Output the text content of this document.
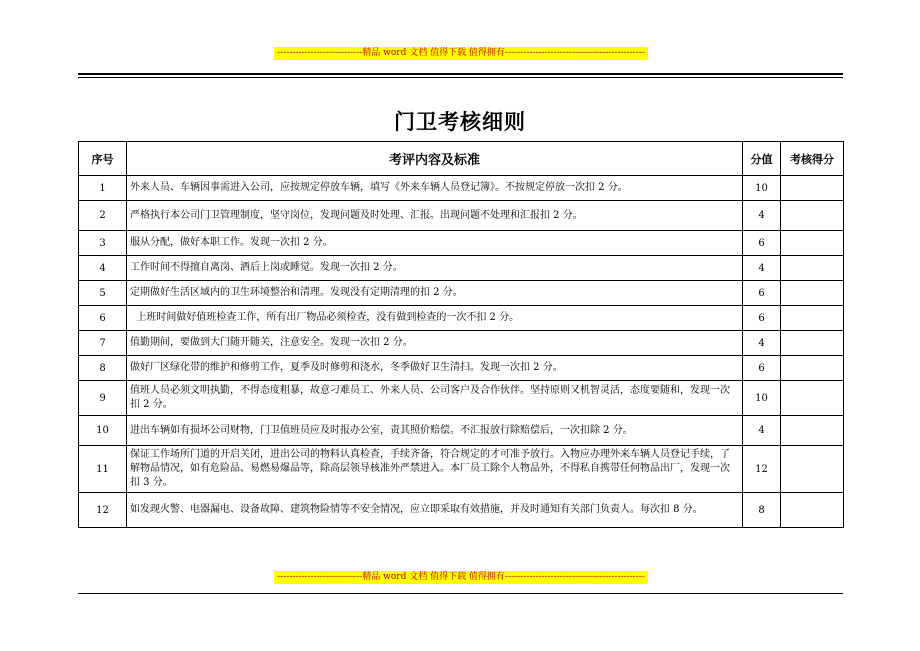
----------------------------精品 word 文档 值得下载 值得拥有----------------------------------------------
门卫考核细则
序号	考评内容及标准	分值	考核得分
1	外来人员、车辆因事需进入公司，应按规定停放车辆，填写《外来车辆人员登记簿》。不按规定停放一次扣 2 分。	10	
2	严格执行本公司门卫管理制度，坚守岗位，发现问题及时处理、汇报。出现问题不处理和汇报扣 2 分。	4	
3	服从分配，做好本职工作。发现一次扣 2 分。	6	
4	工作时间不得擅自离岗、酒后上岗或睡觉。发现一次扣 2 分。	4	
5	定期做好生活区域内的卫生环境整治和清理。发现没有定期清理的扣 2 分。	6	
6	上班时间做好值班检查工作，所有出厂物品必须检查，没有做到检查的一次不扣 2 分。	6	
7	值勤期间，要做到大门随开随关，注意安全。发现一次扣 2 分。	4	
8	做好厂区绿化带的维护和修剪工作，夏季及时修剪和浇水，冬季做好卫生清扫。发现一次扣 2 分。	6	
9	值班人员必须文明执勤，不得态度粗暴，故意刁难员工、外来人员、公司客户及合作伙伴。坚持原则又机智灵活，态度要随和，发现一次扣 2 分。	10	
10	进出车辆如有损坏公司财物，门卫值班员应及时报办公室，责其照价赔偿。不汇报放行除赔偿后，一次扣除 2 分。	4	
11	保证工作场所门道的开启关闭，进出公司的物料认真检查，手续齐备，符合规定的才可准予放行。入物应办理外来车辆人员登记手续，了解物品情况，如有危险品、易燃易爆品等，除高层领导核准外严禁进入。本厂员工除个人物品外，不得私自携带任何物品出厂，发现一次扣 3 分。	12	
12	如发现火警、电器漏电、设备故障、建筑物险情等不安全情况，应立即采取有效措施，并及时通知有关部门负责人。每次扣 8 分。	8	
----------------------------精品 word 文档 值得下载 值得拥有----------------------------------------------
